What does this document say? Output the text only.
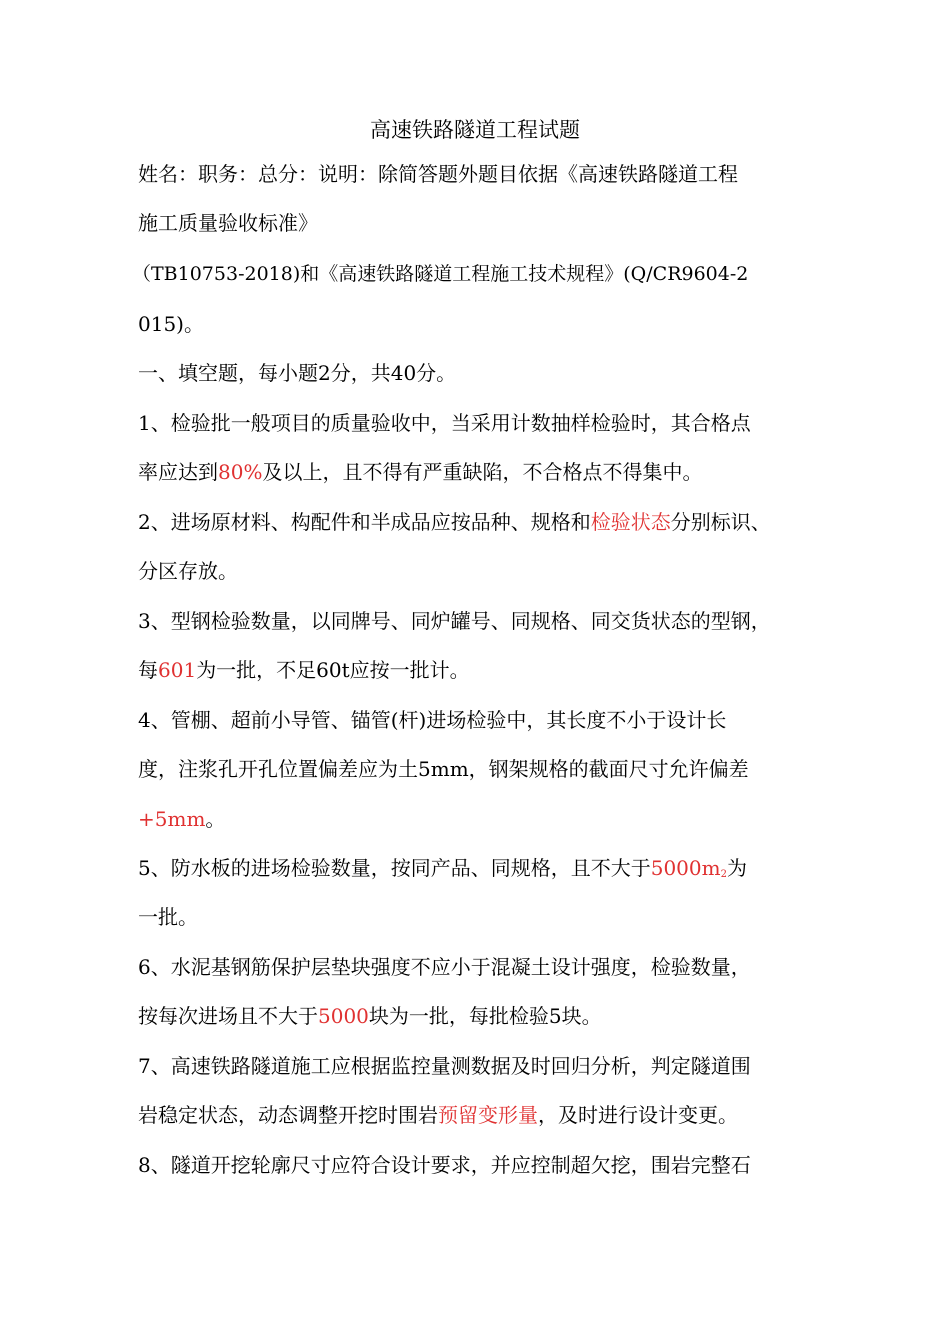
高速铁路隧道工程试题
姓名：职务：总分：说明：除简答题外题目依据《高速铁路隧道工程
施工质量验收标准》
（TB10753-2018)和《高速铁路隧道工程施工技术规程》(Q/CR9604-2
015)。
一、填空题，每小题2分，共40分。
1、检验批一般项目的质量验收中，当采用计数抽样检验时，其合格点
率应达到80%及以上，且不得有严重缺陷，不合格点不得集中。
2、进场原材料、构配件和半成品应按品种、规格和检验状态分别标识、
分区存放。
3、型钢检验数量，以同牌号、同炉罐号、同规格、同交货状态的型钢，
每601为一批，不足60t应按一批计。
4、管棚、超前小导管、锚管(杆)进场检验中，其长度不小于设计长
度，注浆孔开孔位置偏差应为土5mm，钢架规格的截面尺寸允许偏差
+5mm。
5、防水板的进场检验数量，按同产品、同规格，且不大于$5000m_2$为
一批。
6、水泥基钢筋保护层垫块强度不应小于混凝土设计强度，检验数量，
按每次进场且不大于5000块为一批，每批检验5块。
7、高速铁路隧道施工应根据监控量测数据及时回归分析，判定隧道围
岩稳定状态，动态调整开挖时围岩预留变形量，及时进行设计变更。
8、隧道开挖轮廓尺寸应符合设计要求，并应控制超欠挖，围岩完整石
